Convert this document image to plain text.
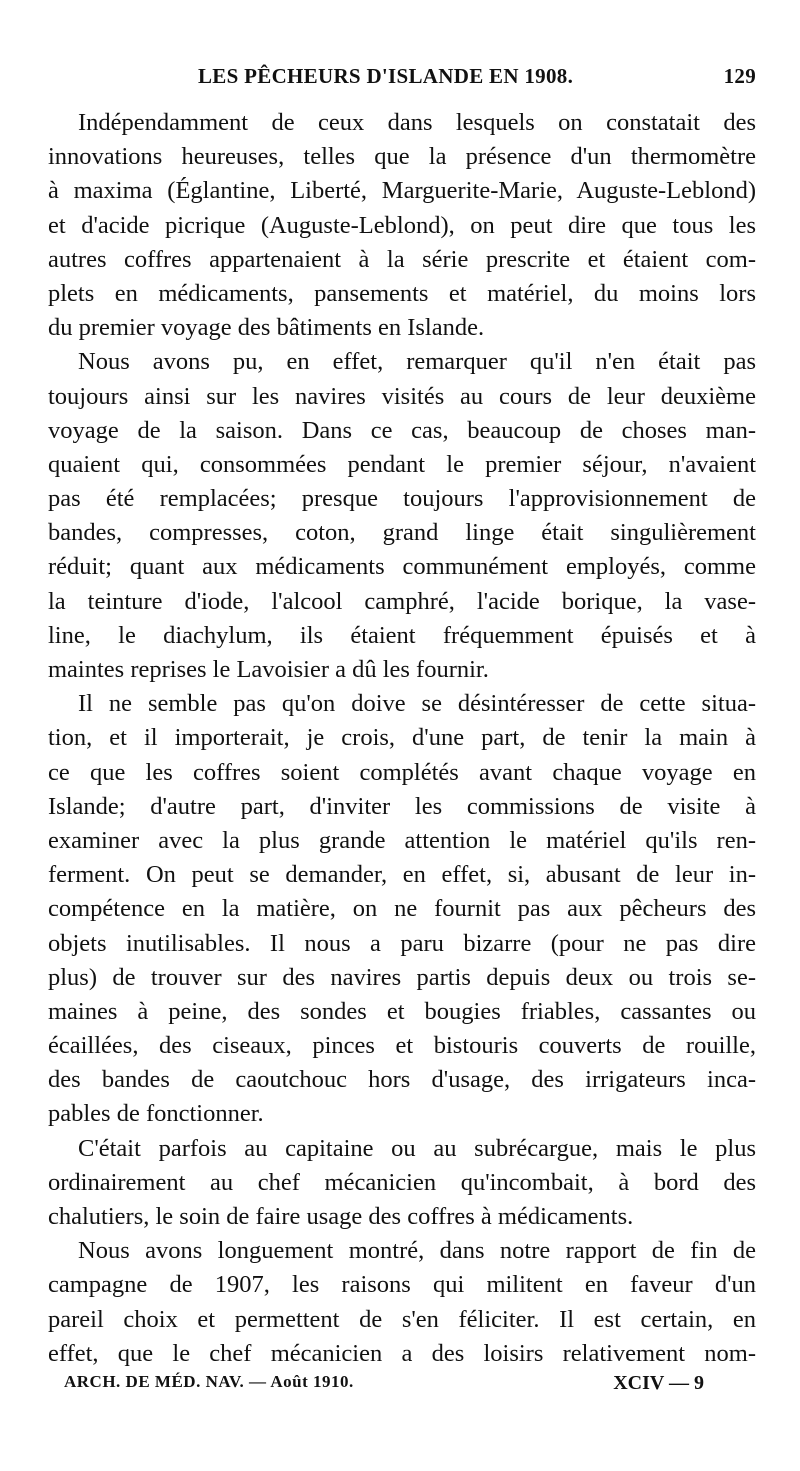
LES PÊCHEURS D'ISLANDE EN 1908.	129
Indépendamment de ceux dans lesquels on constatait des
innovations heureuses, telles que la présence d'un thermomètre
à maxima (Églantine, Liberté, Marguerite-Marie, Auguste-Leblond)
et d'acide picrique (Auguste-Leblond), on peut dire que tous les
autres coffres appartenaient à la série prescrite et étaient com-
plets en médicaments, pansements et matériel, du moins lors
du premier voyage des bâtiments en Islande.
Nous avons pu, en effet, remarquer qu'il n'en était pas
toujours ainsi sur les navires visités au cours de leur deuxième
voyage de la saison. Dans ce cas, beaucoup de choses man-
quaient qui, consommées pendant le premier séjour, n'avaient
pas été remplacées; presque toujours l'approvisionnement de
bandes, compresses, coton, grand linge était singulièrement
réduit; quant aux médicaments communément employés, comme
la teinture d'iode, l'alcool camphré, l'acide borique, la vase-
line, le diachylum, ils étaient fréquemment épuisés et à
maintes reprises le Lavoisier a dû les fournir.
Il ne semble pas qu'on doive se désintéresser de cette situa-
tion, et il importerait, je crois, d'une part, de tenir la main à
ce que les coffres soient complétés avant chaque voyage en
Islande; d'autre part, d'inviter les commissions de visite à
examiner avec la plus grande attention le matériel qu'ils ren-
ferment. On peut se demander, en effet, si, abusant de leur in-
compétence en la matière, on ne fournit pas aux pêcheurs des
objets inutilisables. Il nous a paru bizarre (pour ne pas dire
plus) de trouver sur des navires partis depuis deux ou trois se-
maines à peine, des sondes et bougies friables, cassantes ou
écaillées, des ciseaux, pinces et bistouris couverts de rouille,
des bandes de caoutchouc hors d'usage, des irrigateurs inca-
pables de fonctionner.
C'était parfois au capitaine ou au subrécargue, mais le plus
ordinairement au chef mécanicien qu'incombait, à bord des
chalutiers, le soin de faire usage des coffres à médicaments.
Nous avons longuement montré, dans notre rapport de fin de
campagne de 1907, les raisons qui militent en faveur d'un
pareil choix et permettent de s'en féliciter. Il est certain, en
effet, que le chef mécanicien a des loisirs relativement nom-
ARCH. DE MÉD. NAV. — Août 1910.	XCIV — 9
